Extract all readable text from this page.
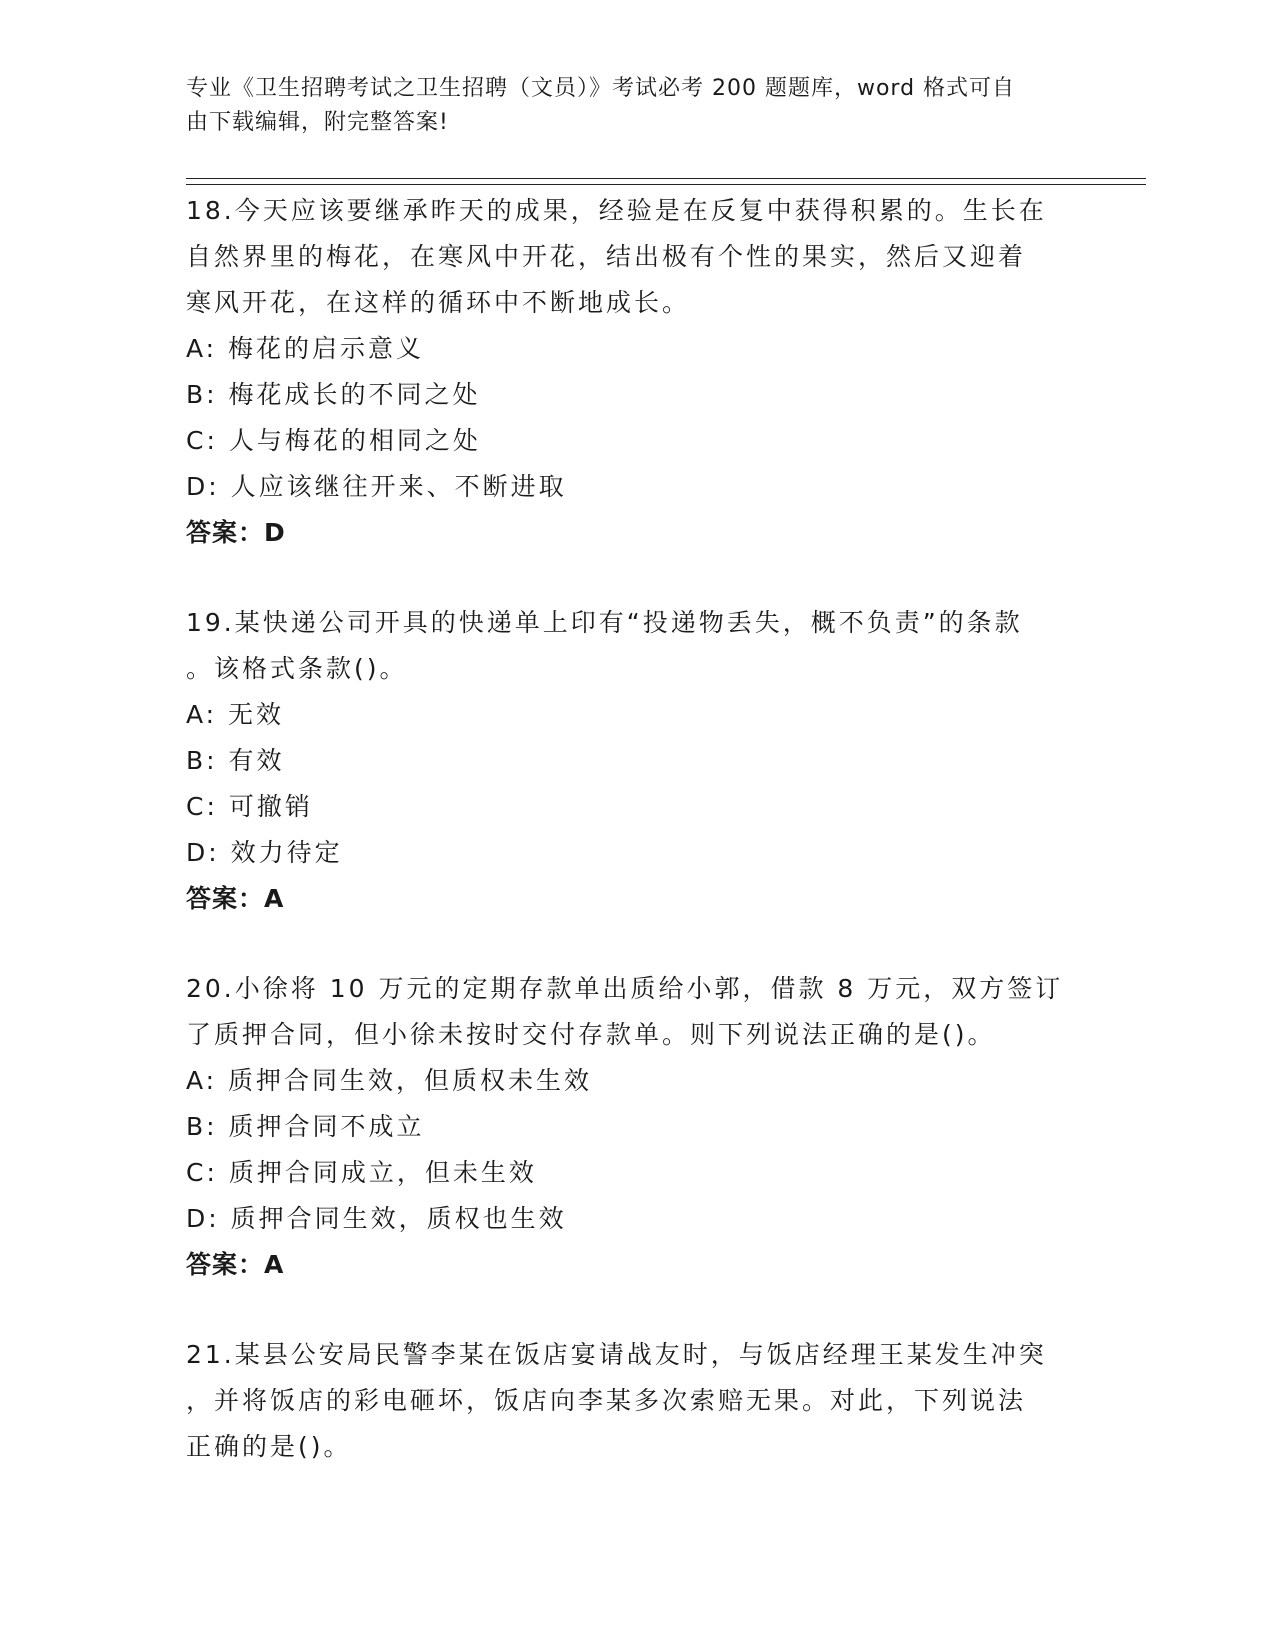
专业《卫生招聘考试之卫生招聘（文员）》考试必考 200 题题库，word 格式可自
由下载编辑，附完整答案!

18.今天应该要继承昨天的成果，经验是在反复中获得积累的。生长在

自然界里的梅花，在寒风中开花，结出极有个性的果实，然后又迎着

寒风开花，在这样的循环中不断地成长。

A: 梅花的启示意义

B: 梅花成长的不同之处

C: 人与梅花的相同之处

D: 人应该继往开来、不断进取

答案：D

19.某快递公司开具的快递单上印有“投递物丢失，概不负责”的条款

。该格式条款()。

A: 无效

B: 有效

C: 可撤销

D: 效力待定

答案：A

20.小徐将 10 万元的定期存款单出质给小郭，借款 8 万元，双方签订

了质押合同，但小徐未按时交付存款单。则下列说法正确的是()。

A: 质押合同生效，但质权未生效

B: 质押合同不成立

C: 质押合同成立，但未生效

D: 质押合同生效，质权也生效

答案：A

21.某县公安局民警李某在饭店宴请战友时，与饭店经理王某发生冲突

，并将饭店的彩电砸坏，饭店向李某多次索赔无果。对此，下列说法

正确的是()。
